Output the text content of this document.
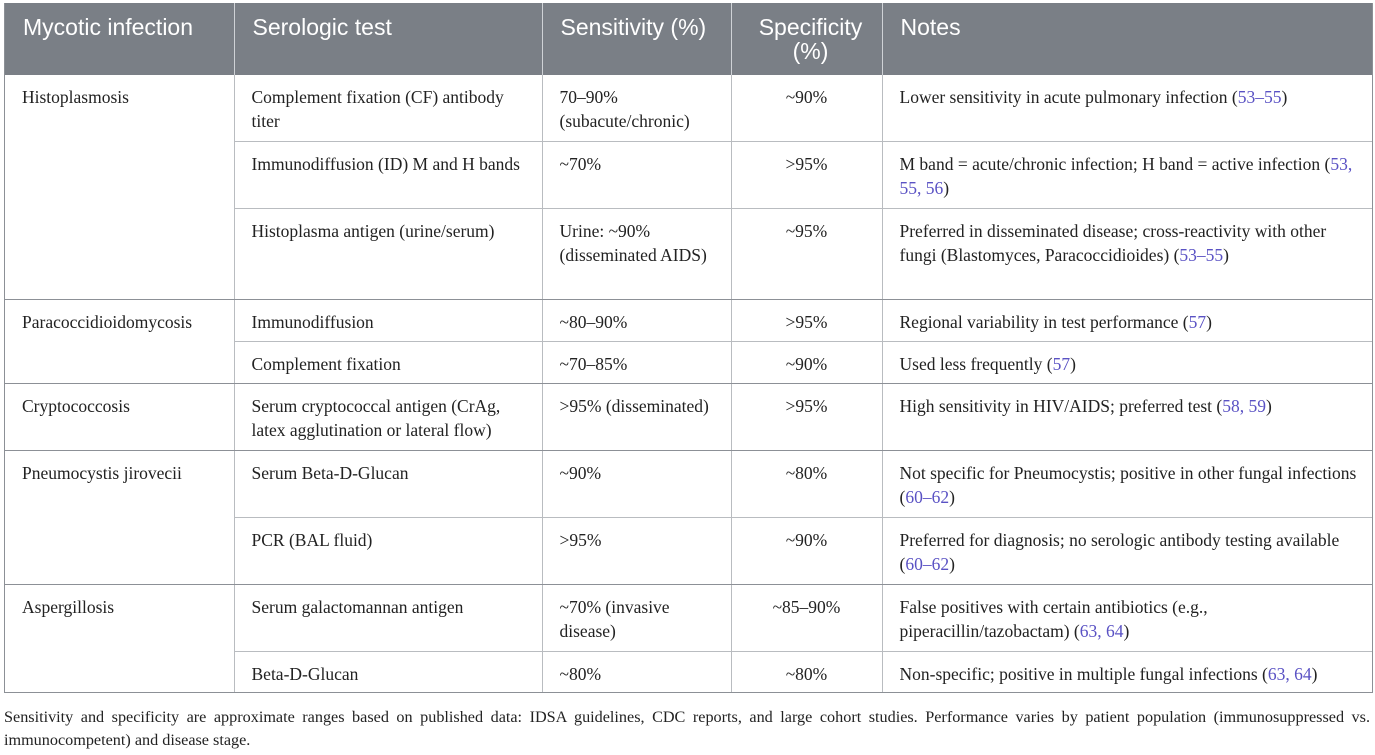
Mycotic infection	Serologic test	Sensitivity (%)	Specificity (%)	Notes
Histoplasmosis	Complement fixation (CF) antibody titer	70–90% (subacute/chronic)	~90%	Lower sensitivity in acute pulmonary infection (53–55)
	Immunodiffusion (ID) M and H bands	~70%	>95%	M band = acute/chronic infection; H band = active infection (53, 55, 56)
	Histoplasma antigen (urine/serum)	Urine: ~90% (disseminated AIDS)	~95%	Preferred in disseminated disease; cross-reactivity with other fungi (Blastomyces, Paracoccidioides) (53–55)
Paracoccidioidomycosis	Immunodiffusion	~80–90%	>95%	Regional variability in test performance (57)
	Complement fixation	~70–85%	~90%	Used less frequently (57)
Cryptococcosis	Serum cryptococcal antigen (CrAg, latex agglutination or lateral flow)	>95% (disseminated)	>95%	High sensitivity in HIV/AIDS; preferred test (58, 59)
Pneumocystis jirovecii	Serum Beta-D-Glucan	~90%	~80%	Not specific for Pneumocystis; positive in other fungal infections (60–62)
	PCR (BAL fluid)	>95%	~90%	Preferred for diagnosis; no serologic antibody testing available (60–62)
Aspergillosis	Serum galactomannan antigen	~70% (invasive disease)	~85–90%	False positives with certain antibiotics (e.g., piperacillin/tazobactam) (63, 64)
	Beta-D-Glucan	~80%	~80%	Non-specific; positive in multiple fungal infections (63, 64)
Sensitivity and specificity are approximate ranges based on published data: IDSA guidelines, CDC reports, and large cohort studies. Performance varies by patient population (immunosuppressed vs. immunocompetent) and disease stage.
